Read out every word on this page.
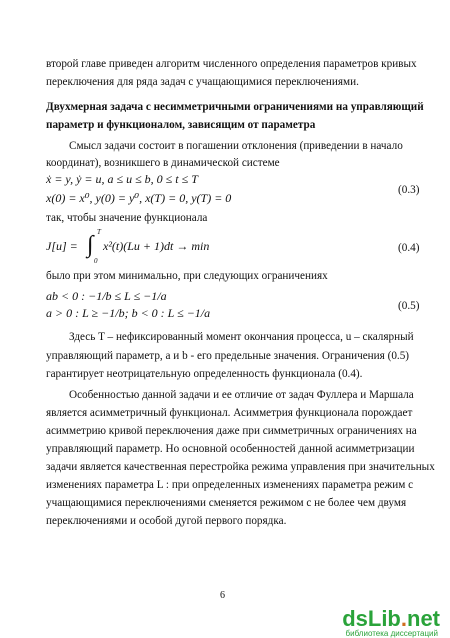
второй главе приведен алгоритм численного определения параметров кривых
переключения для ряда задач с учащающимися переключениями.
Двухмерная задача с несимметричными ограничениями на управляющий
параметр и функционалом, зависящим от параметра
Смысл задачи состоит в погашении отклонения (приведении в начало
координат), возникшего в динамической системе
ẋ = y, ẏ = u, a ≤ u ≤ b, 0 ≤ t ≤ T
x(0) = x⁰, y(0) = y⁰, x(T) = 0, y(T) = 0
(0.3)
так, чтобы значение функционала
J[u] = ∫ T
0
x²(t)(Lu + 1)dt → min	(0.4)
было при этом минимально, при следующих ограничениях
ab < 0 : −1/b ≤ L ≤ −1/a
a > 0 : L ≥ −1/b; b < 0 : L ≤ −1/a	(0.5)
Здесь T – нефиксированный момент окончания процесса, u – скалярный
управляющий параметр, a и b - его предельные значения. Ограничения (0.5)
гарантирует неотрицательную определенность функционала (0.4).
Особенностью данной задачи и ее отличие от задач Фуллера и Маршала
является асимметричный функционал. Асимметрия функционала порождает
асимметрию кривой переключения даже при симметричных ограничениях на
управляющий параметр. Но основной особенностей данной асимметризации
задачи является качественная перестройка режима управления при значительных
изменениях параметра L : при определенных изменениях параметра режим с
учащающимися переключениями сменяется режимом с не более чем двумя
переключениями и особой дугой первого порядка.
6
dsLib.net
библиотека диссертаций
